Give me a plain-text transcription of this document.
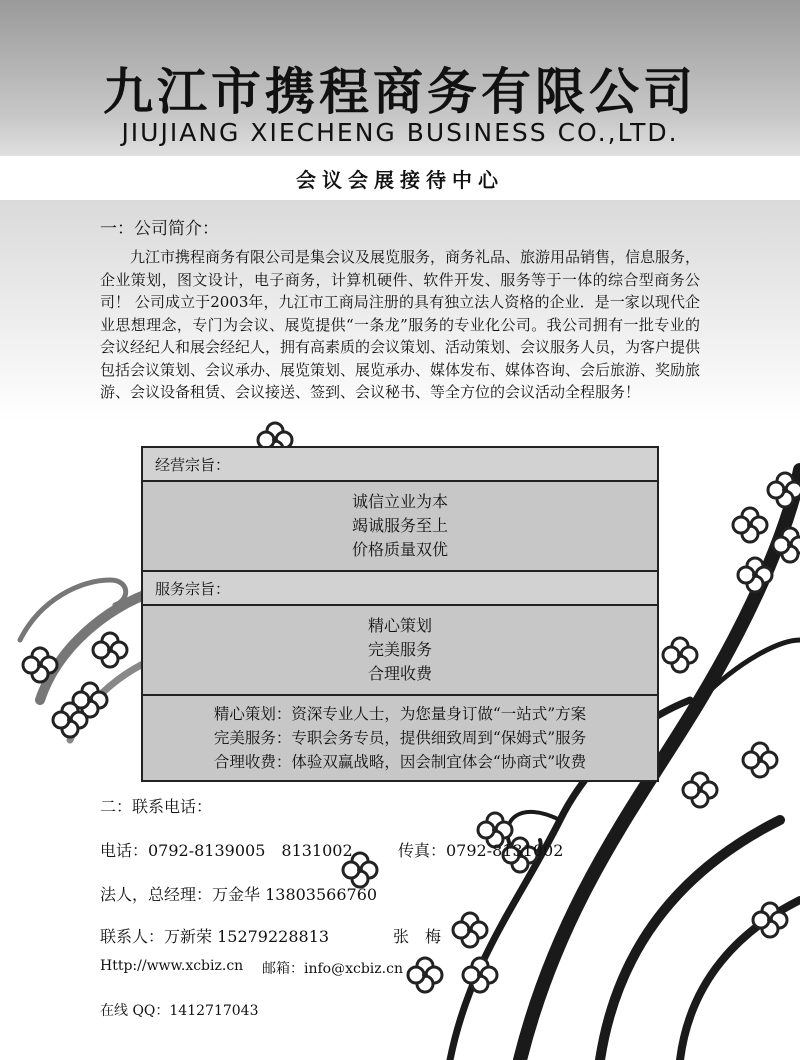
九江市携程商务有限公司
JIUJIANG XIECHENG BUSINESS CO.,LTD.
会议会展接待中心
一：公司简介：

九江市携程商务有限公司是集会议及展览服务，商务礼品、旅游用品销售，信息服务，企业策划，图文设计，电子商务，计算机硬件、软件开发、服务等于一体的综合型商务公司！ 公司成立于2003年，九江市工商局注册的具有独立法人资格的企业．是一家以现代企业思想理念，专门为会议、展览提供“一条龙”服务的专业化公司。我公司拥有一批专业的会议经纪人和展会经纪人，拥有高素质的会议策划、活动策划、会议服务人员，为客户提供包括会议策划、会议承办、展览策划、展览承办、媒体发布、媒体咨询、会后旅游、奖励旅游、会议设备租赁、会议接送、签到、会议秘书、等全方位的会议活动全程服务！

经营宗旨：
诚信立业为本
竭诚服务至上
价格质量双优
服务宗旨：
精心策划
完美服务
合理收费
精心策划：资深专业人士，为您量身订做“一站式”方案
完美服务：专职会务专员，提供细致周到“保姆式”服务
合理收费：体验双赢战略，因会制宜体会“协商式”收费
二：联系电话：
电话：0792-8139005　8131002	传真：0792-8131002
法人，总经理：万金华 13803566760
联系人：万新荣 15279228813	张　梅
Http://www.xcbiz.cn 邮箱：info@xcbiz.cn
在线 QQ：1412717043
